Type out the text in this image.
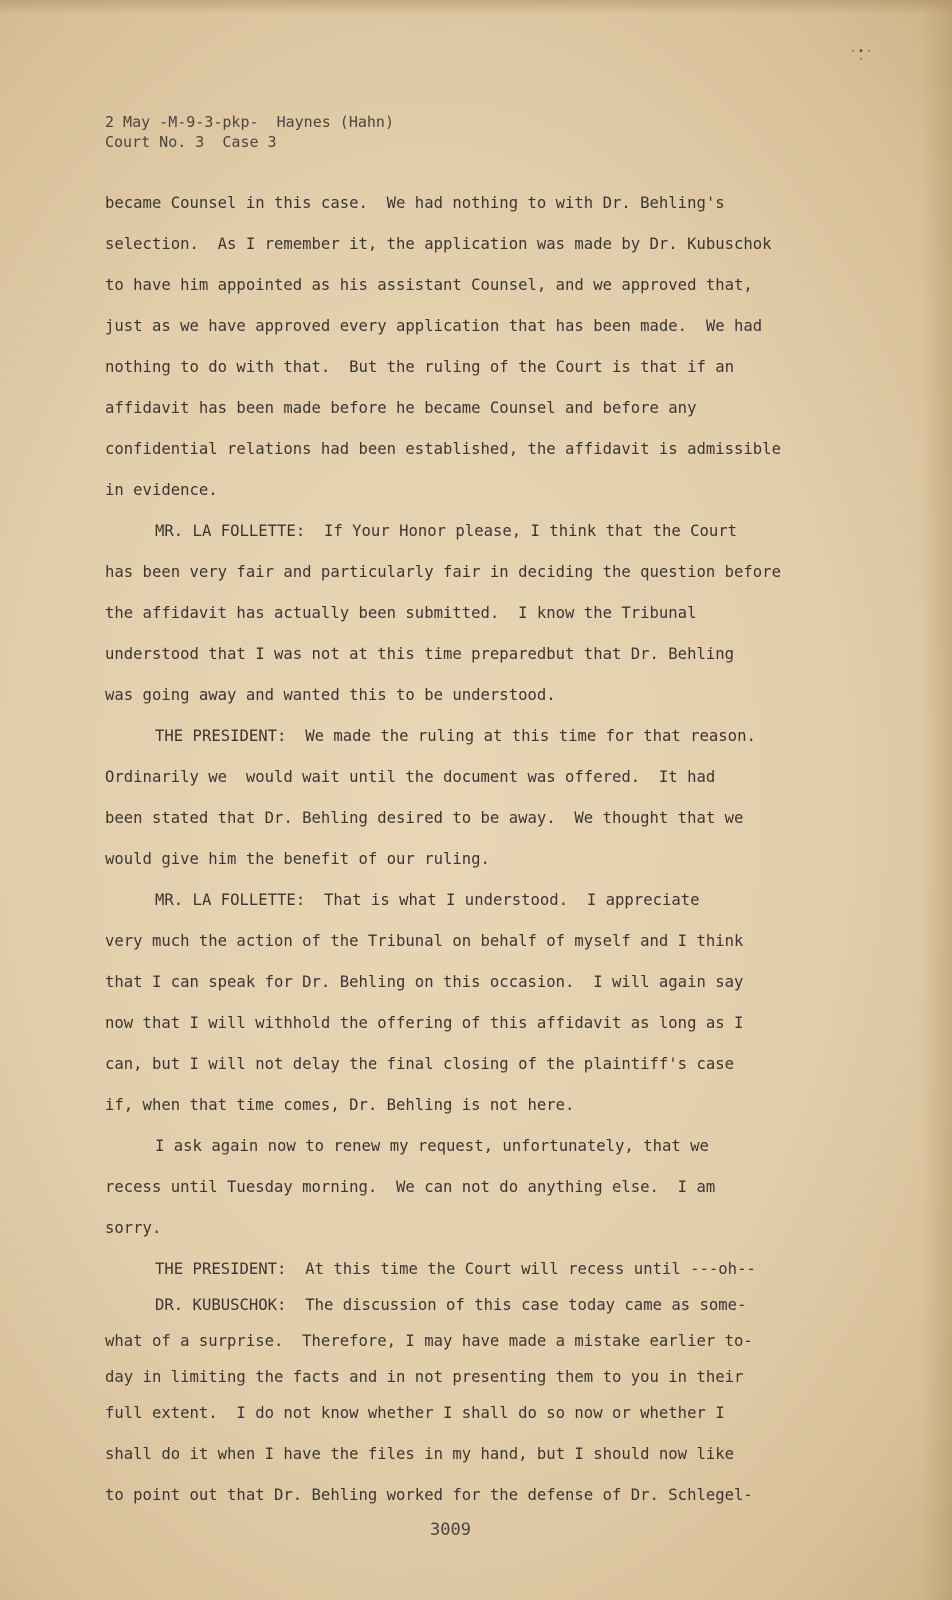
·•·
·
2 May -M-9-3-pkp-  Haynes (Hahn)
Court No. 3  Case 3
became Counsel in this case.  We had nothing to with Dr. Behling's
selection.  As I remember it, the application was made by Dr. Kubuschok
to have him appointed as his assistant Counsel, and we approved that,
just as we have approved every application that has been made.  We had
nothing to do with that.  But the ruling of the Court is that if an
affidavit has been made before he became Counsel and before any
confidential relations had been established, the affidavit is admissible
in evidence.
MR. LA FOLLETTE:  If Your Honor please, I think that the Court
has been very fair and particularly fair in deciding the question before
the affidavit has actually been submitted.  I know the Tribunal
understood that I was not at this time preparedbut that Dr. Behling
was going away and wanted this to be understood.
THE PRESIDENT:  We made the ruling at this time for that reason.
Ordinarily we  would wait until the document was offered.  It had
been stated that Dr. Behling desired to be away.  We thought that we
would give him the benefit of our ruling.
MR. LA FOLLETTE:  That is what I understood.  I appreciate
very much the action of the Tribunal on behalf of myself and I think
that I can speak for Dr. Behling on this occasion.  I will again say
now that I will withhold the offering of this affidavit as long as I
can, but I will not delay the final closing of the plaintiff's case
if, when that time comes, Dr. Behling is not here.
I ask again now to renew my request, unfortunately, that we
recess until Tuesday morning.  We can not do anything else.  I am
sorry.
THE PRESIDENT:  At this time the Court will recess until ---oh--
DR. KUBUSCHOK:  The discussion of this case today came as some-
what of a surprise.  Therefore, I may have made a mistake earlier to-
day in limiting the facts and in not presenting them to you in their
full extent.  I do not know whether I shall do so now or whether I
shall do it when I have the files in my hand, but I should now like
to point out that Dr. Behling worked for the defense of Dr. Schlegel-
3009
